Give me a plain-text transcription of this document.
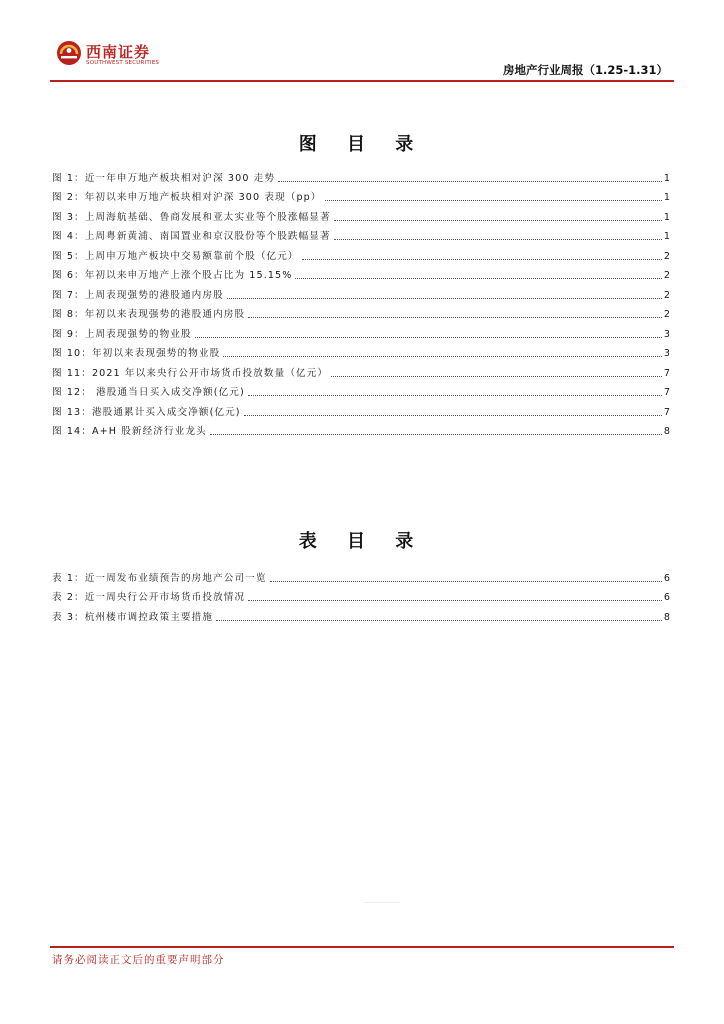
西南证券
SOUTHWEST SECURITIES	房地产行业周报（1.25-1.31）
图 目 录
图 1：近一年申万地产板块相对沪深 300 走势	1
图 2：年初以来申万地产板块相对沪深 300 表现（pp）	1
图 3：上周海航基础、鲁商发展和亚太实业等个股涨幅显著	1
图 4：上周粤新黄浦、南国置业和京汉股份等个股跌幅显著	1
图 5：上周申万地产板块中交易额靠前个股（亿元）	2
图 6：年初以来申万地产上涨个股占比为 15.15%	2
图 7：上周表现强势的港股通内房股	2
图 8：年初以来表现强势的港股通内房股	2
图 9：上周表现强势的物业股	3
图 10：年初以来表现强势的物业股	3
图 11：2021 年以来央行公开市场货币投放数量（亿元）	7
图 12： 港股通当日买入成交净额(亿元)	7
图 13：港股通累计买入成交净额(亿元)	7
图 14：A+H 股新经济行业龙头	8
表 目 录
表 1：近一周发布业绩预告的房地产公司一览	6
表 2：近一周央行公开市场货币投放情况	6
表 3：杭州楼市调控政策主要措施	8
请务必阅读正文后的重要声明部分
